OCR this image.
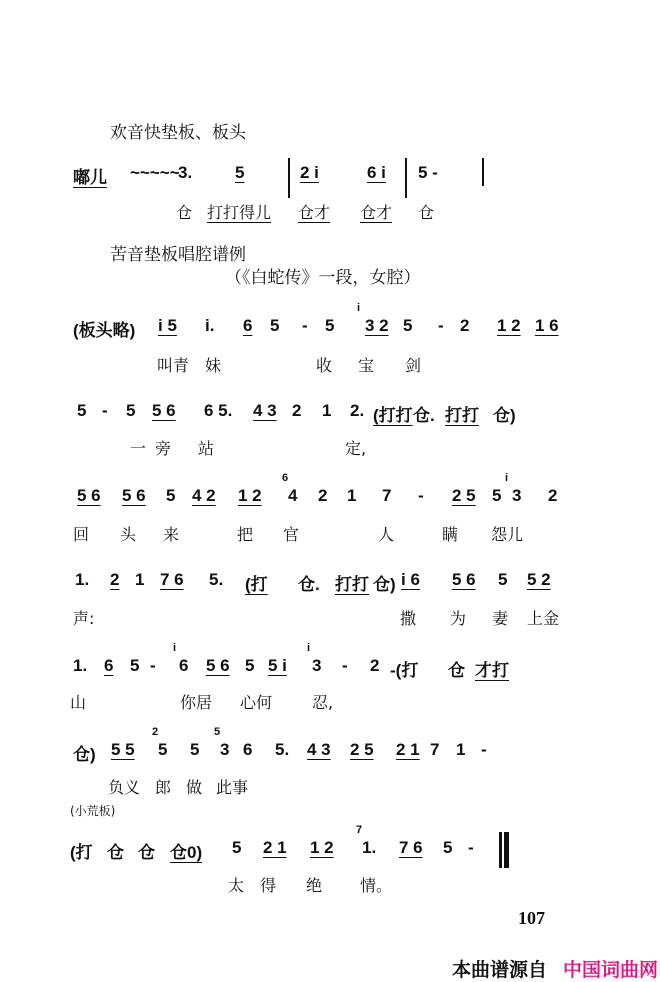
欢音快垫板、板头
嘟儿 ~~~~~
3.	5	2 i	6 i 5 -
仓 打打得儿 仓才 仓才 仓
苦音垫板唱腔谱例
（《白蛇传》一段，女腔）
(板头略) i 5 i. 6 5 - 5
i
3 2 5 - 2 1 2 1 6
叫青 妹	收 宝 剑
5 - 5 5 6 6 5. 4 3 2 1 2. (打打 仓. 打打 仓)
一 旁 站	定,
5 6 5 6 5 4 2 1 2
6
4 2 1 7 - 2 5 5
i
3 2
回 头 来	把 官	人	瞒 怨儿
1. 2 1 7 6 5. (打 仓. 打打 仓) i 6 5 6 5 5 2
声:	撒 为 妻 上金
1. 6 5 -
i
6 5 6 5 5 i
i
3 - 2 -(打 仓 才打
山	你居 心何 忍,
仓) 5 5
2
5 5
5
3 6 5. 4 3 2 5 2 1 7 1 -
负义 郎 做 此事
(打 仓 仓 仓0) 5 2 1 1 2
7
1. 7 6 5 -
太 得 绝 情。
(小荒板)
107
本曲谱源自 中国词曲网
